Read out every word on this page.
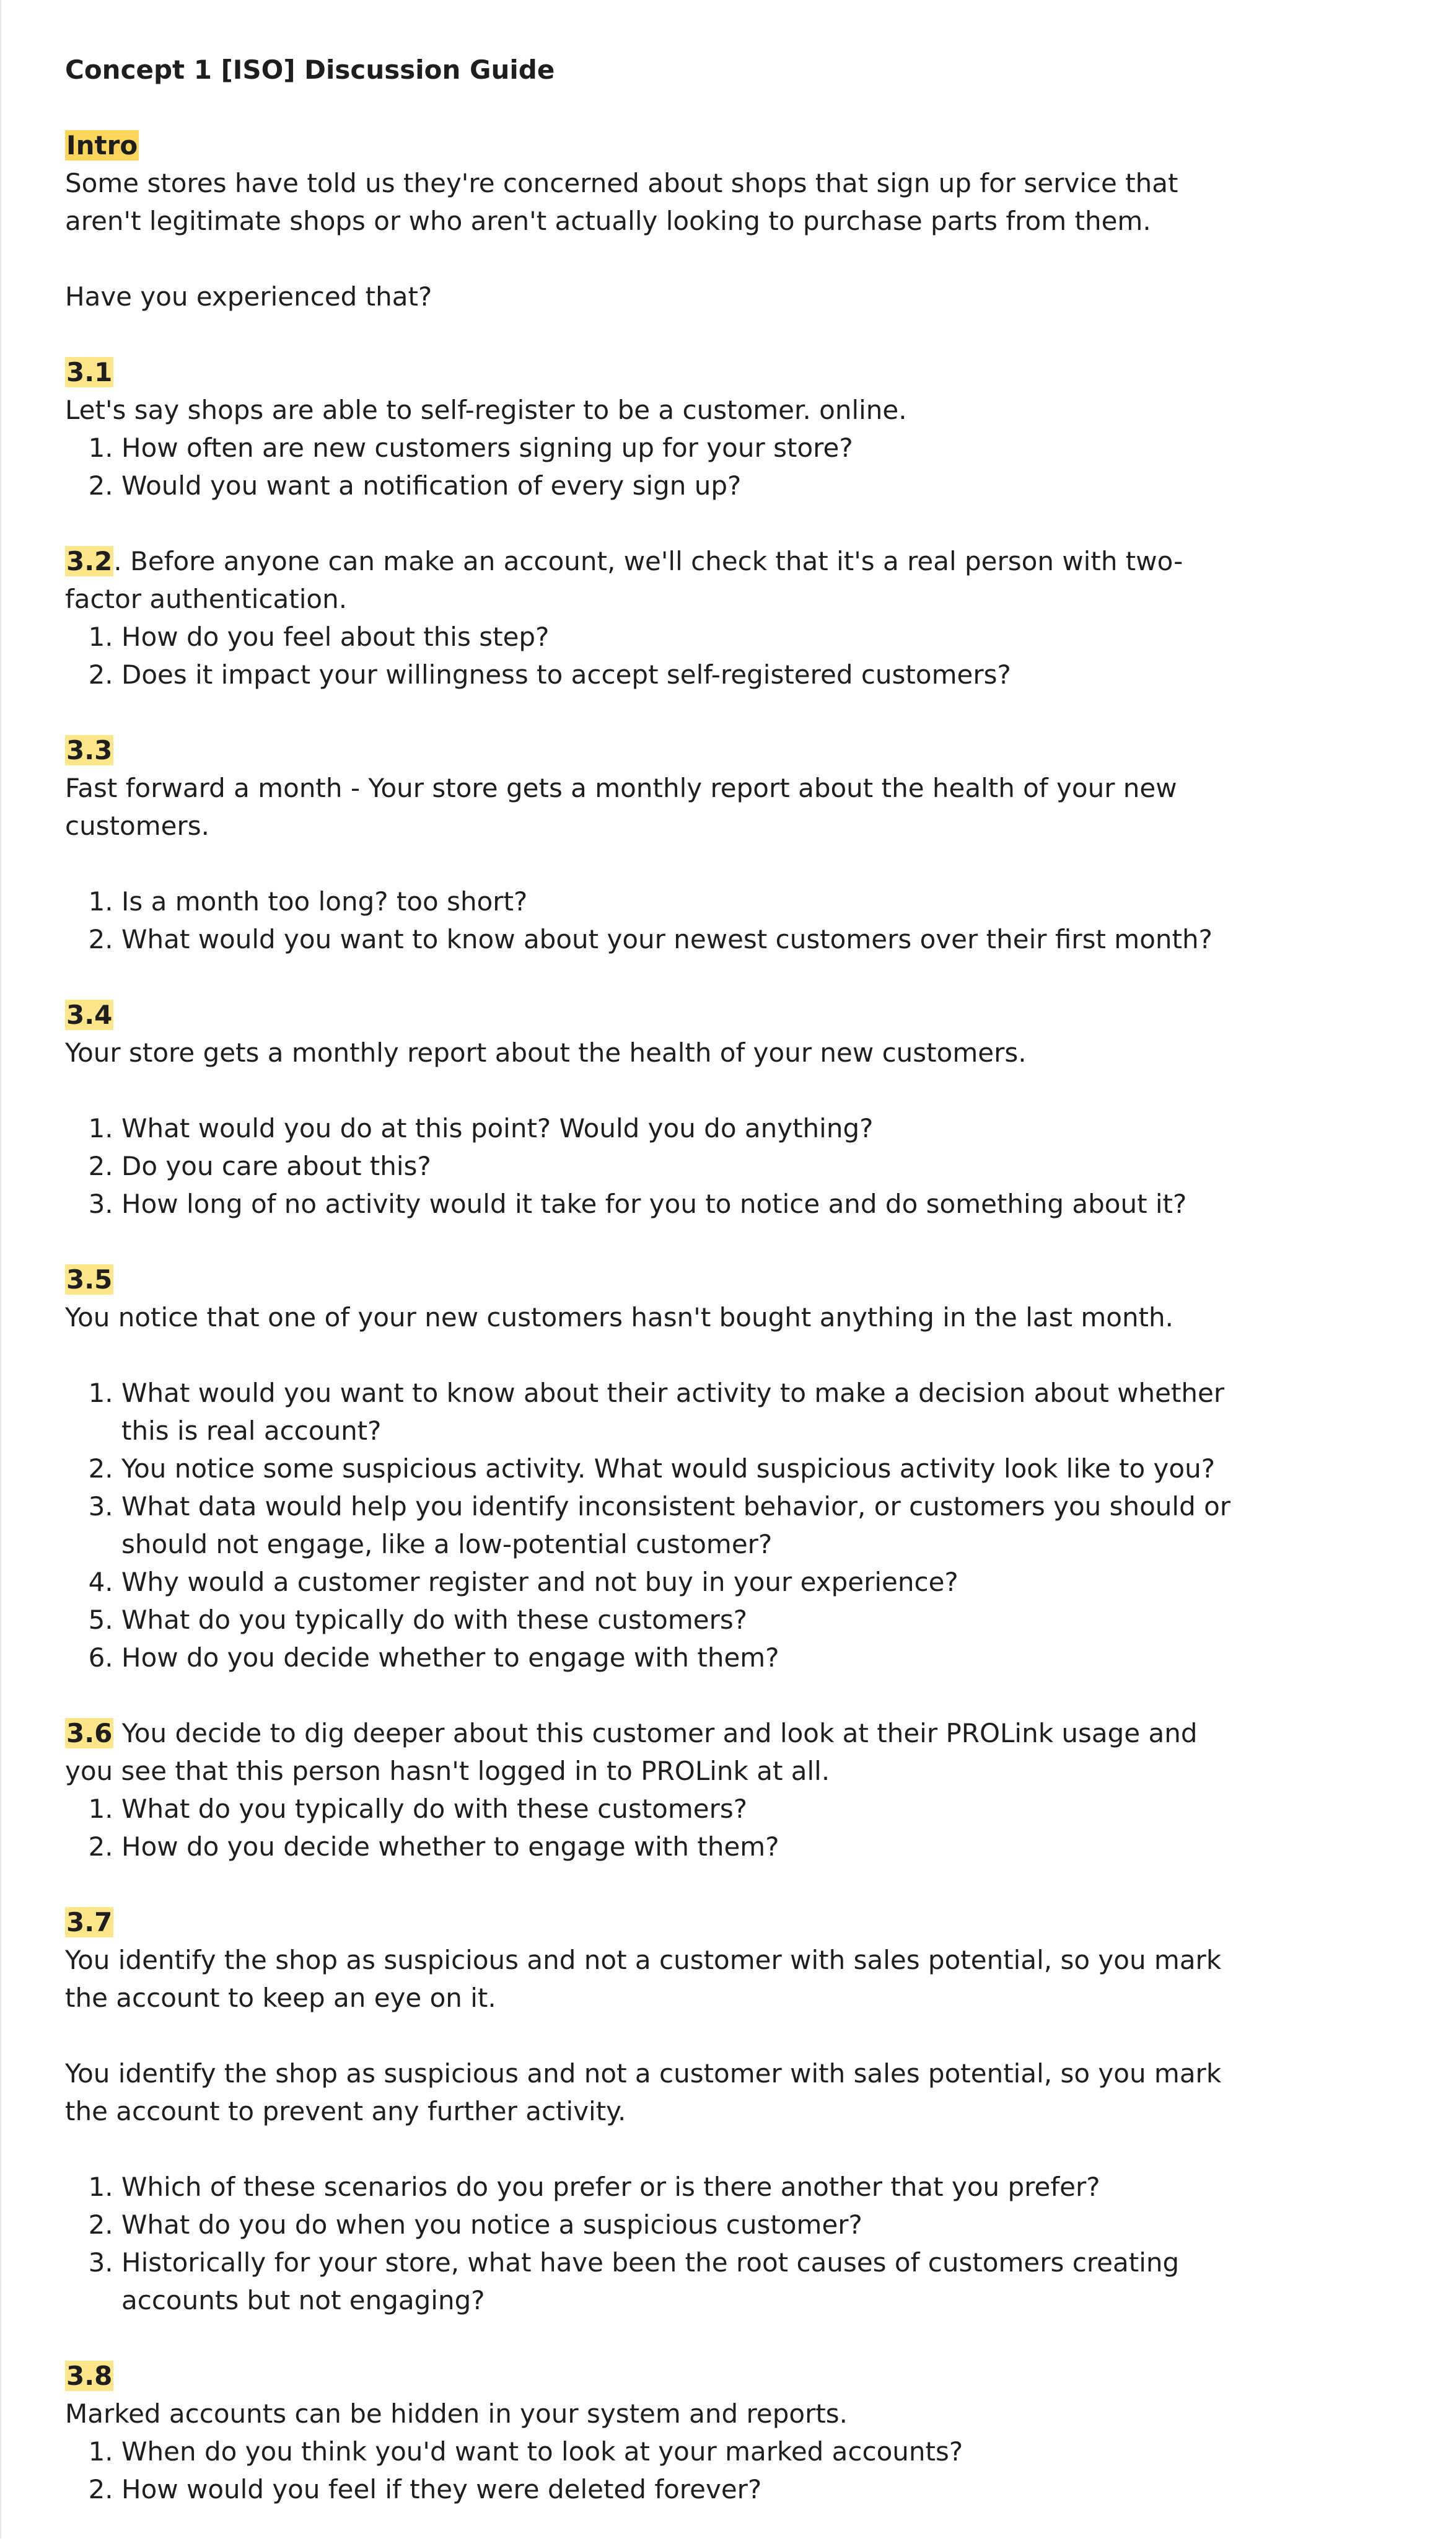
Concept 1 [ISO] Discussion Guide

Intro

Some stores have told us they're concerned about shops that sign up for service that aren't legitimate shops or who aren't actually looking to purchase parts from them.

Have you experienced that?

3.1

Let's say shops are able to self-register to be a customer. online.

1. How often are new customers signing up for your store?
2. Would you want a notification of every sign up?

3.2. Before anyone can make an account, we'll check that it's a real person with two-factor authentication.

1. How do you feel about this step?
2. Does it impact your willingness to accept self-registered customers?

3.3

Fast forward a month - Your store gets a monthly report about the health of your new customers.

1. Is a month too long? too short?
2. What would you want to know about your newest customers over their first month?

3.4

Your store gets a monthly report about the health of your new customers.

1. What would you do at this point? Would you do anything?
2. Do you care about this?
3. How long of no activity would it take for you to notice and do something about it?

3.5

You notice that one of your new customers hasn't bought anything in the last month.

1. What would you want to know about their activity to make a decision about whether this is real account?
2. You notice some suspicious activity. What would suspicious activity look like to you?
3. What data would help you identify inconsistent behavior, or customers you should or should not engage, like a low-potential customer?
4. Why would a customer register and not buy in your experience?
5. What do you typically do with these customers?
6. How do you decide whether to engage with them?

3.6 You decide to dig deeper about this customer and look at their PROLink usage and you see that this person hasn't logged in to PROLink at all.

1. What do you typically do with these customers?
2. How do you decide whether to engage with them?

3.7

You identify the shop as suspicious and not a customer with sales potential, so you mark the account to keep an eye on it.

You identify the shop as suspicious and not a customer with sales potential, so you mark the account to prevent any further activity.

1. Which of these scenarios do you prefer or is there another that you prefer?
2. What do you do when you notice a suspicious customer?
3. Historically for your store, what have been the root causes of customers creating accounts but not engaging?

3.8

Marked accounts can be hidden in your system and reports.

1. When do you think you'd want to look at your marked accounts?
2. How would you feel if they were deleted forever?
